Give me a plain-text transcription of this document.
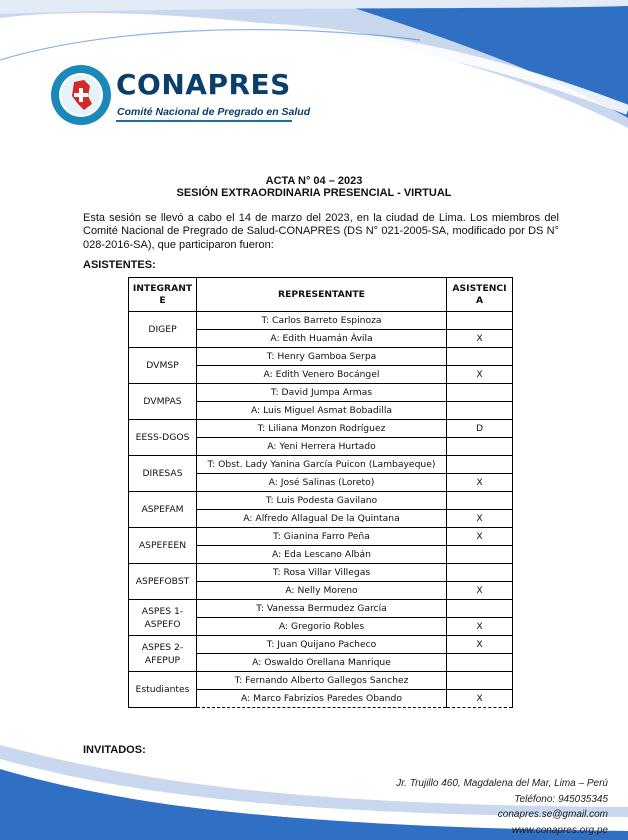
CONAPRES
Comité Nacional de Pregrado en Salud
ACTA N° 04 – 2023
SESIÓN EXTRAORDINARIA PRESENCIAL - VIRTUAL
Esta sesión se llevó a cabo el 14 de marzo del 2023, en la ciudad de Lima. Los miembros del Comité Nacional de Pregrado de Salud-CONAPRES (DS N° 021-2005-SA, modificado por DS N° 028-2016-SA), que participaron fueron:
ASISTENTES:
INTEGRANTE	REPRESENTANTE	ASISTENCIA
DIGEP	T: Carlos Barreto Espinoza	
	A: Edith Huamán Ávila	X
DVMSP	T: Henry Gamboa Serpa	
	A: Edith Venero Bocángel	X
DVMPAS	T: David Jumpa Armas	
	A: Luis Miguel Asmat Bobadilla	
EESS-DGOS	T: Liliana Monzon Rodríguez	D
	A: Yeni Herrera Hurtado	
DIRESAS	T: Obst. Lady Yanina García Puicon (Lambayeque)	
	A: José Salinas (Loreto)	X
ASPEFAM	T: Luis Podesta Gavilano	
	A: Alfredo Allagual De la Quintana	X
ASPEFEEN	T: Gianina Farro Peña	X
	A: Eda Lescano Albán	
ASPEFOBST	T: Rosa Villar Villegas	
	A: Nelly Moreno	X
ASPES 1-ASPEFO	T: Vanessa Bermudez García	
	A: Gregorio Robles	X
ASPES 2-AFEPUP	T: Juan Quijano Pacheco	X
	A: Oswaldo Orellana Manrique	
Estudiantes	T: Fernando Alberto Gallegos Sanchez	
	A: Marco Fabrizios Paredes Obando	X
INVITADOS:
Jr. Trujillo 460, Magdalena del Mar, Lima – Perú
Teléfono: 945035345
conapres.se@gmail.com
www.conapres.org.pe
